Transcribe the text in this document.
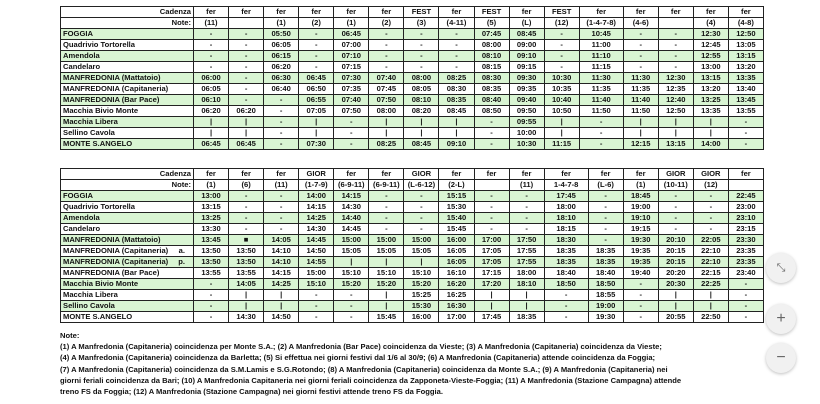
Cadenza	fer	fer	fer	fer	fer	fer	FEST	fer	FEST	fer	FEST	fer	fer	fer	fer	fer
Note:	(11)		(1)	(2)	(1)	(2)	(3)	(4-11)	(5)	(L)	(12)	(1-4-7-8)	(4-6)		(4)	(4-8)
FOGGIA	-	-	05:50	-	06:45	-	-	-	07:45	08:45	-	10:45	-	-	12:30	12:50
Quadrivio Tortorella	-	-	06:05	-	07:00	-	-	-	08:00	09:00	-	11:00	-	-	12:45	13:05
Amendola	-	-	06:15	-	07:10	-	-	-	08:10	09:10	-	11:10	-	-	12:55	13:15
Candelaro	-	-	06:20	-	07:15	-	-	-	08:15	09:15	-	11:15	-	-	13:00	13:20
MANFREDONIA (Mattatoio)	06:00	-	06:30	06:45	07:30	07:40	08:00	08:25	08:30	09:30	10:30	11:30	11:30	12:30	13:15	13:35
MANFREDONIA (Capitaneria)	06:05	-	06:40	06:50	07:35	07:45	08:05	08:30	08:35	09:35	10:35	11:35	11:35	12:35	13:20	13:40
MANFREDONIA (Bar Pace)	06:10	-	-	06:55	07:40	07:50	08:10	08:35	08:40	09:40	10:40	11:40	11:40	12:40	13:25	13:45
Macchia Bivio Monte	06:20	06:20	-	07:05	07:50	08:00	08:20	08:45	08:50	09:50	10:50	11:50	11:50	12:50	13:35	13:55
Macchia Libera	|	|	-	|	-	|	|	|	-	09:55	|	-	|	|	|	-
Sellino Cavola	|	|	-	|	-	|	|	|	-	10:00	|	-	|	|	|	-
MONTE S.ANGELO	06:45	06:45	-	07:30	-	08:25	08:45	09:10	-	10:30	11:15	-	12:15	13:15	14:00	-
Cadenza	fer	fer	fer	GIOR	fer	fer	GIOR	fer	fer	fer	fer	fer	fer	GIOR	GIOR	fer
Note:	(1)	(6)	(11)	(1-7-9)	(6-9-11)	(6-9-11)	(L-6-12)	(2-L)		(11)	1-4-7-8	(L-6)	(1)	(10-11)	(12)	
FOGGIA	13:00	-	-	14:00	14:15	-	-	15:15	-	-	17:45	-	18:45	-	-	22:45
Quadrivio Tortorella	13:15	-	-	14:15	14:30	-	-	15:30	-	-	18:00	-	19:00	-	-	23:00
Amendola	13:25	-	-	14:25	14:40	-	-	15:40	-	-	18:10	-	19:10	-	-	23:10
Candelaro	13:30	-	-	14:30	14:45	-	-	15:45	-	-	18:15	-	19:15	-	-	23:15
MANFREDONIA (Mattatoio)	13:45	■	14:05	14:45	15:00	15:00	15:00	16:00	17:00	17:50	18:30	-	19:30	20:10	22:05	23:30
MANFREDONIA (Capitaneria) a.	13:50	13:50	14:10	14:50	15:05	15:05	15:05	16:05	17:05	17:55	18:35	18:35	19:35	20:15	22:10	23:35
MANFREDONIA (Capitaneria) p.	13:50	13:50	14:10	14:55	|	|	|	16:05	17:05	17:55	18:35	18:35	19:35	20:15	22:10	23:35
MANFREDONIA (Bar Pace)	13:55	13:55	14:15	15:00	15:10	15:10	15:10	16:10	17:15	18:00	18:40	18:40	19:40	20:20	22:15	23:40
Macchia Bivio Monte	-	14:05	14:25	15:10	15:20	15:20	15:20	16:20	17:20	18:10	18:50	18:50	-	20:30	22:25	-
Macchia Libera	-	|	|	-	-	|	15:25	16:25	|	|	-	18:55	-	|	|	-
Sellino Cavola	-	|	|	-	-	|	15:30	16:30	|	|	-	19:00	-	|	|	-
MONTE S.ANGELO	-	14:30	14:50	-	-	15:45	16:00	17:00	17:45	18:35	-	19:30	-	20:55	22:50	-
Note:
(1) A Manfredonia (Capitaneria) coincidenza per Monte S.A.; (2) A Manfredonia (Bar Pace) coincidenza da Vieste; (3) A Manfredonia (Capitaneria) coincidenza da Vieste;
(4) A Manfredonia (Capitaneria) coincidenza da Barletta; (5) Si effettua nei giorni festivi dal 1/6 al 30/9; (6) A Manfredonia (Capitaneria) attende coincidenza da Foggia;
(7) A Manfredonia (Capitaneria) coincidenza da S.M.Lamis e S.G.Rotondo; (8) A Manfredonia (Capitaneria) coincidenza da Monte S.A.; (9) A Manfredonia (Capitaneria) nei
giorni feriali coincidenza da Bari; (10) A Manfredonia Capitaneria nei giorni feriali coincidenza da Zapponeta-Vieste-Foggia; (11) A Manfredonia (Stazione Campagna) attende
treno FS da Foggia; (12) A Manfredonia (Stazione Campagna) nei giorni festivi attende treno FS da Foggia.
⤡
+
−
